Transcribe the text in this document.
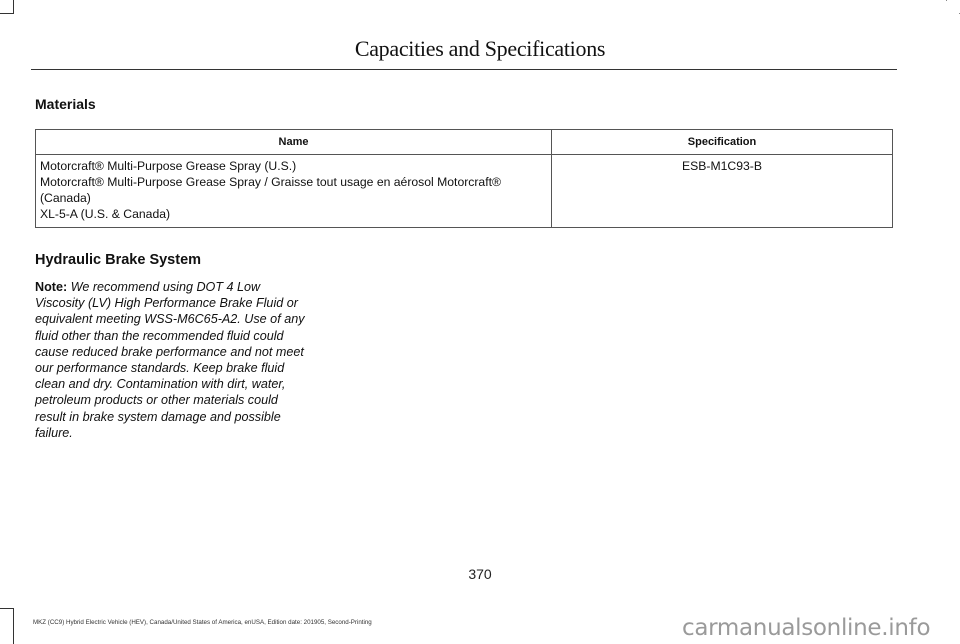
Capacities and Specifications
Materials
Name	Specification

Motorcraft® Multi-Purpose Grease Spray (U.S.)
Motorcraft® Multi-Purpose Grease Spray / Graisse tout usage en aérosol Motorcraft® (Canada)
XL-5-A (U.S. & Canada)	ESB-M1C93-B
Hydraulic Brake System
Note: We recommend using DOT 4 Low Viscosity (LV) High Performance Brake Fluid or equivalent meeting WSS-M6C65-A2. Use of any fluid other than the recommended fluid could cause reduced brake performance and not meet our performance standards. Keep brake fluid clean and dry. Contamination with dirt, water, petroleum products or other materials could result in brake system damage and possible failure.
370
MKZ (CC9) Hybrid Electric Vehicle (HEV), Canada/United States of America, enUSA, Edition date: 201905, Second-Printing	carmanualsonline.info
